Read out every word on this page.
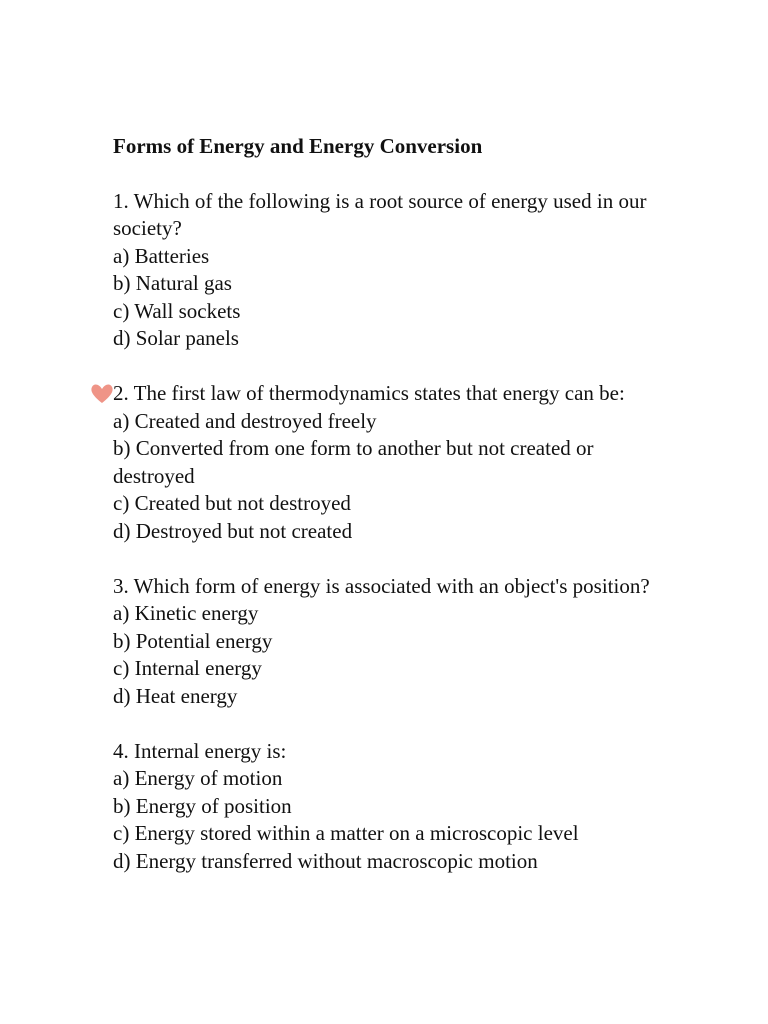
Forms of Energy and Energy Conversion

1. Which of the following is a root source of energy used in our society?

a) Batteries

b) Natural gas

c) Wall sockets

d) Solar panels

2. The first law of thermodynamics states that energy can be:

a) Created and destroyed freely

b) Converted from one form to another but not created or destroyed

c) Created but not destroyed

d) Destroyed but not created

3. Which form of energy is associated with an object's position?

a) Kinetic energy

b) Potential energy

c) Internal energy

d) Heat energy

4. Internal energy is:

a) Energy of motion

b) Energy of position

c) Energy stored within a matter on a microscopic level

d) Energy transferred without macroscopic motion
